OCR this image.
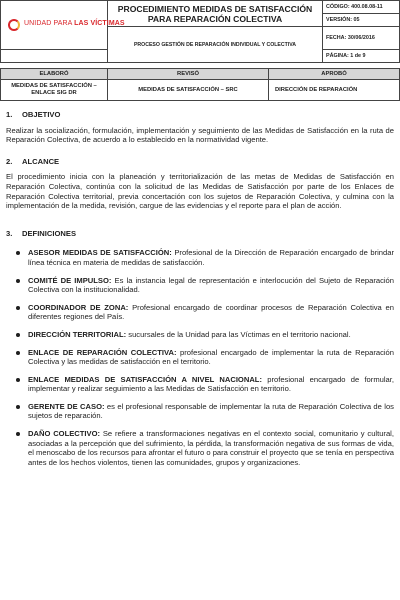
UNIDAD PARA LAS VÍCTIMAS	PROCEDIMIENTO MEDIDAS DE SATISFACCIÓN PARA REPARACIÓN COLECTIVA	CÓDIGO: 400.08.08-11
		VERSIÓN: 05
	PROCESO GESTIÓN DE REPARACIÓN INDIVIDUAL Y COLECTIVA	FECHA: 30/06/2016
		PÁGINA: 1 de 9
ELABORÓ	REVISÓ	APROBÓ
MEDIDAS DE SATISFACCIÓN – ENLACE SIG DR	MEDIDAS DE SATISFACCIÓN – SRC	DIRECCIÓN DE REPARACIÓN
1. OBJETIVO

Realizar la socialización, formulación, implementación y seguimiento de las Medidas de Satisfacción en la ruta de Reparación Colectiva, de acuerdo a lo establecido en la normatividad vigente.

2. ALCANCE

El procedimiento inicia con la planeación y territorialización de las metas de Medidas de Satisfacción en Reparación Colectiva, continúa con la solicitud de las Medidas de Satisfacción por parte de los Enlaces de Reparación Colectiva territorial, previa concertación con los sujetos de Reparación Colectiva, y culmina con la implementación de la medida, revisión, cargue de las evidencias y el reporte para el plan de acción.

3. DEFINICIONES
ASESOR MEDIDAS DE SATISFACCIÓN: Profesional de la Dirección de Reparación encargado de brindar línea técnica en materia de medidas de satisfacción.
COMITÉ DE IMPULSO: Es la instancia legal de representación e interlocución del Sujeto de Reparación Colectiva con la institucionalidad.
COORDINADOR DE ZONA: Profesional encargado de coordinar procesos de Reparación Colectiva en diferentes regiones del País.
DIRECCIÓN TERRITORIAL: sucursales de la Unidad para las Víctimas en el territorio nacional.
ENLACE DE REPARACIÓN COLECTIVA: profesional encargado de implementar la ruta de Reparación Colectiva y las medidas de satisfacción en el territorio.
ENLACE MEDIDAS DE SATISFACCIÓN A NIVEL NACIONAL: profesional encargado de formular, implementar y realizar seguimiento a las Medidas de Satisfacción en territorio.
GERENTE DE CASO: es el profesional responsable de implementar la ruta de Reparación Colectiva de los sujetos de reparación.
DAÑO COLECTIVO: Se refiere a transformaciones negativas en el contexto social, comunitario y cultural, asociadas a la percepción que del sufrimiento, la pérdida, la transformación negativa de sus formas de vida, el menoscabo de los recursos para afrontar el futuro o para construir el proyecto que se tenía en perspectiva antes de los hechos violentos, tienen las comunidades, grupos y organizaciones.
